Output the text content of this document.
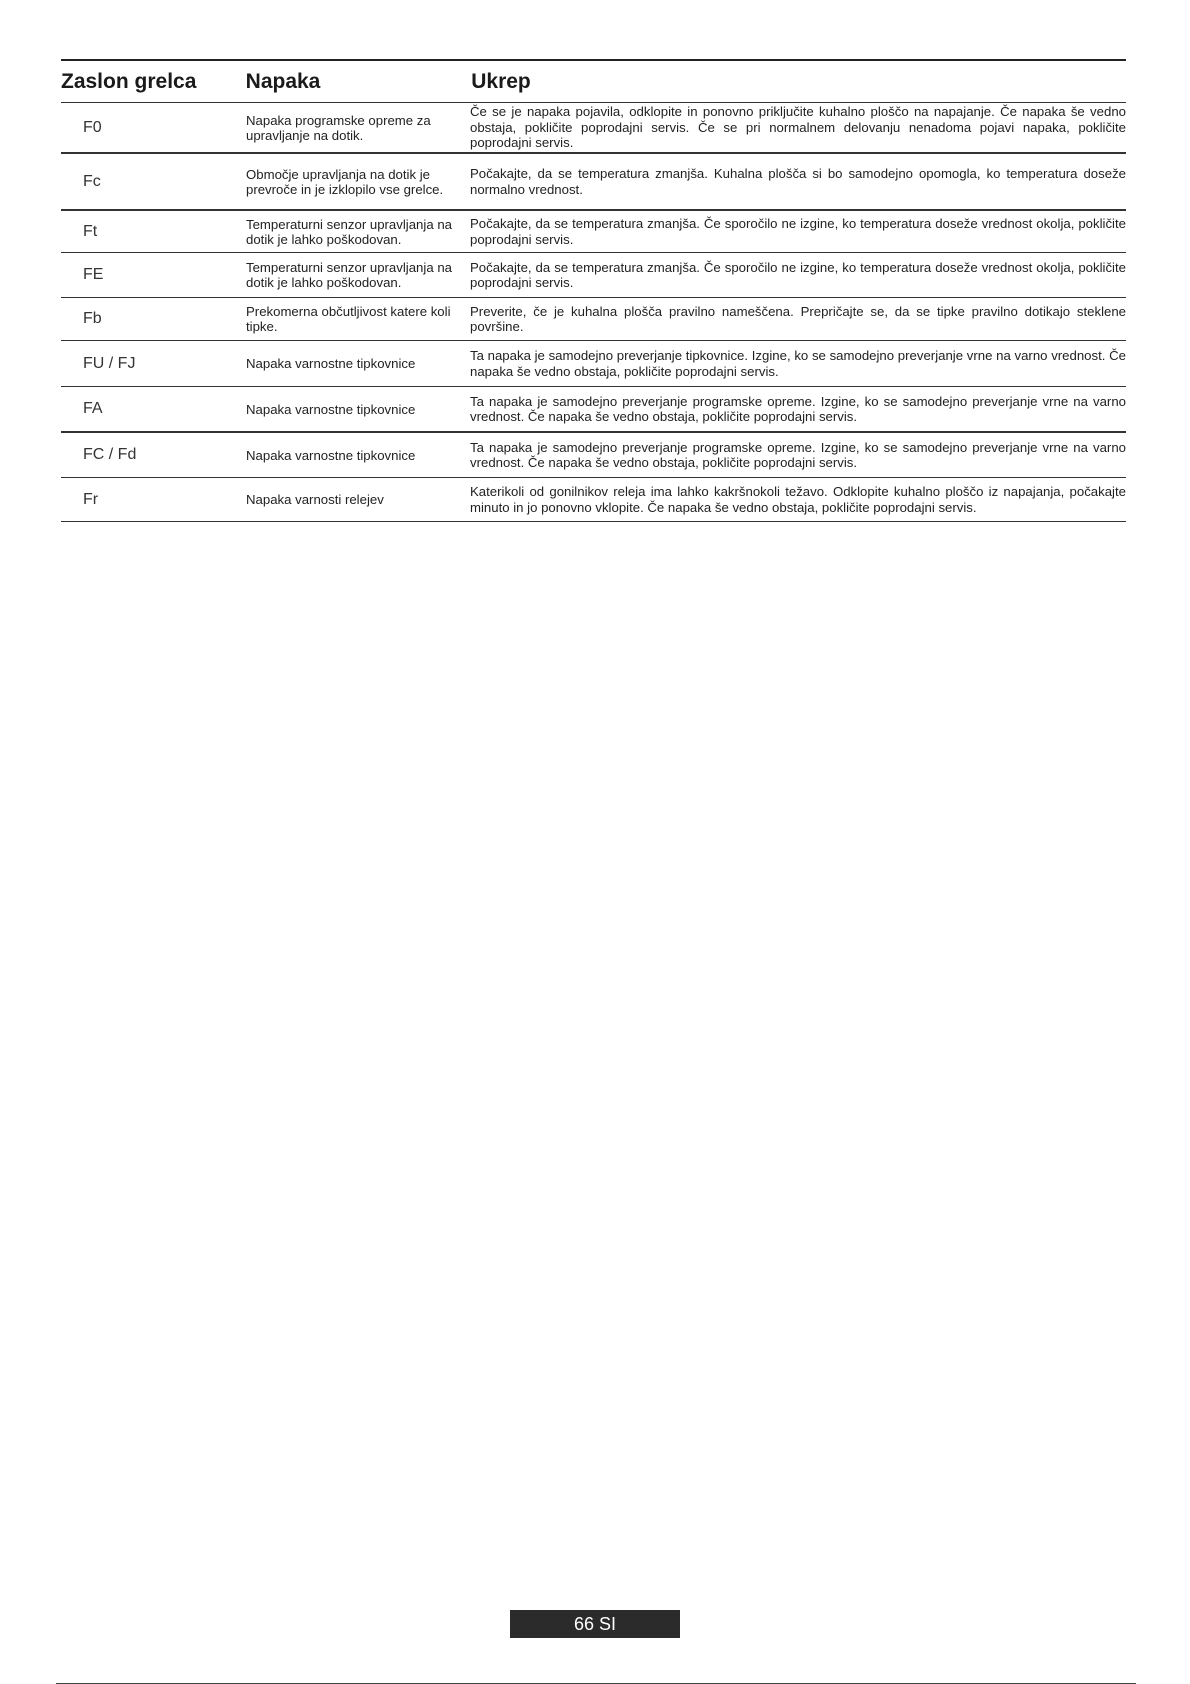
Zaslon grelca	Napaka	Ukrep
F0	Napaka programske opreme za upravljanje na dotik.
Če se je napaka pojavila, odklopite in ponovno priključite kuhalno ploščo na napajanje. Če napaka še vedno obstaja, pokličite poprodajni servis. Če se pri normalnem delovanju nenadoma pojavi napaka, pokličite poprodajni servis.
Fc	Območje upravljanja na dotik je prevroče in je izklopilo vse grelce.
Počakajte, da se temperatura zmanjša. Kuhalna plošča si bo samodejno opomogla, ko temperatura doseže normalno vrednost.
Ft	Temperaturni senzor upravljanja na dotik je lahko poškodovan.
Počakajte, da se temperatura zmanjša. Če sporočilo ne izgine, ko temperatura doseže vrednost okolja, pokličite poprodajni servis.
FE	Temperaturni senzor upravljanja na dotik je lahko poškodovan.
Počakajte, da se temperatura zmanjša. Če sporočilo ne izgine, ko temperatura doseže vrednost okolja, pokličite poprodajni servis.
Fb	Prekomerna občutljivost katere koli tipke.
Preverite, če je kuhalna plošča pravilno nameščena. Prepričajte se, da se tipke pravilno dotikajo steklene površine.
FU / FJ	Napaka varnostne tipkovnice
Ta napaka je samodejno preverjanje tipkovnice. Izgine, ko se samodejno preverjanje vrne na varno vrednost. Če napaka še vedno obstaja, pokličite poprodajni servis.
FA	Napaka varnostne tipkovnice
Ta napaka je samodejno preverjanje programske opreme. Izgine, ko se samodejno preverjanje vrne na varno vrednost. Če napaka še vedno obstaja, pokličite poprodajni servis.
FC / Fd	Napaka varnostne tipkovnice
Ta napaka je samodejno preverjanje programske opreme. Izgine, ko se samodejno preverjanje vrne na varno vrednost. Če napaka še vedno obstaja, pokličite poprodajni servis.
Fr	Napaka varnosti relejev
Katerikoli od gonilnikov releja ima lahko kakršnokoli težavo. Odklopite kuhalno ploščo iz napajanja, počakajte minuto in jo ponovno vklopite. Če napaka še vedno obstaja, pokličite poprodajni servis.
66 SI
